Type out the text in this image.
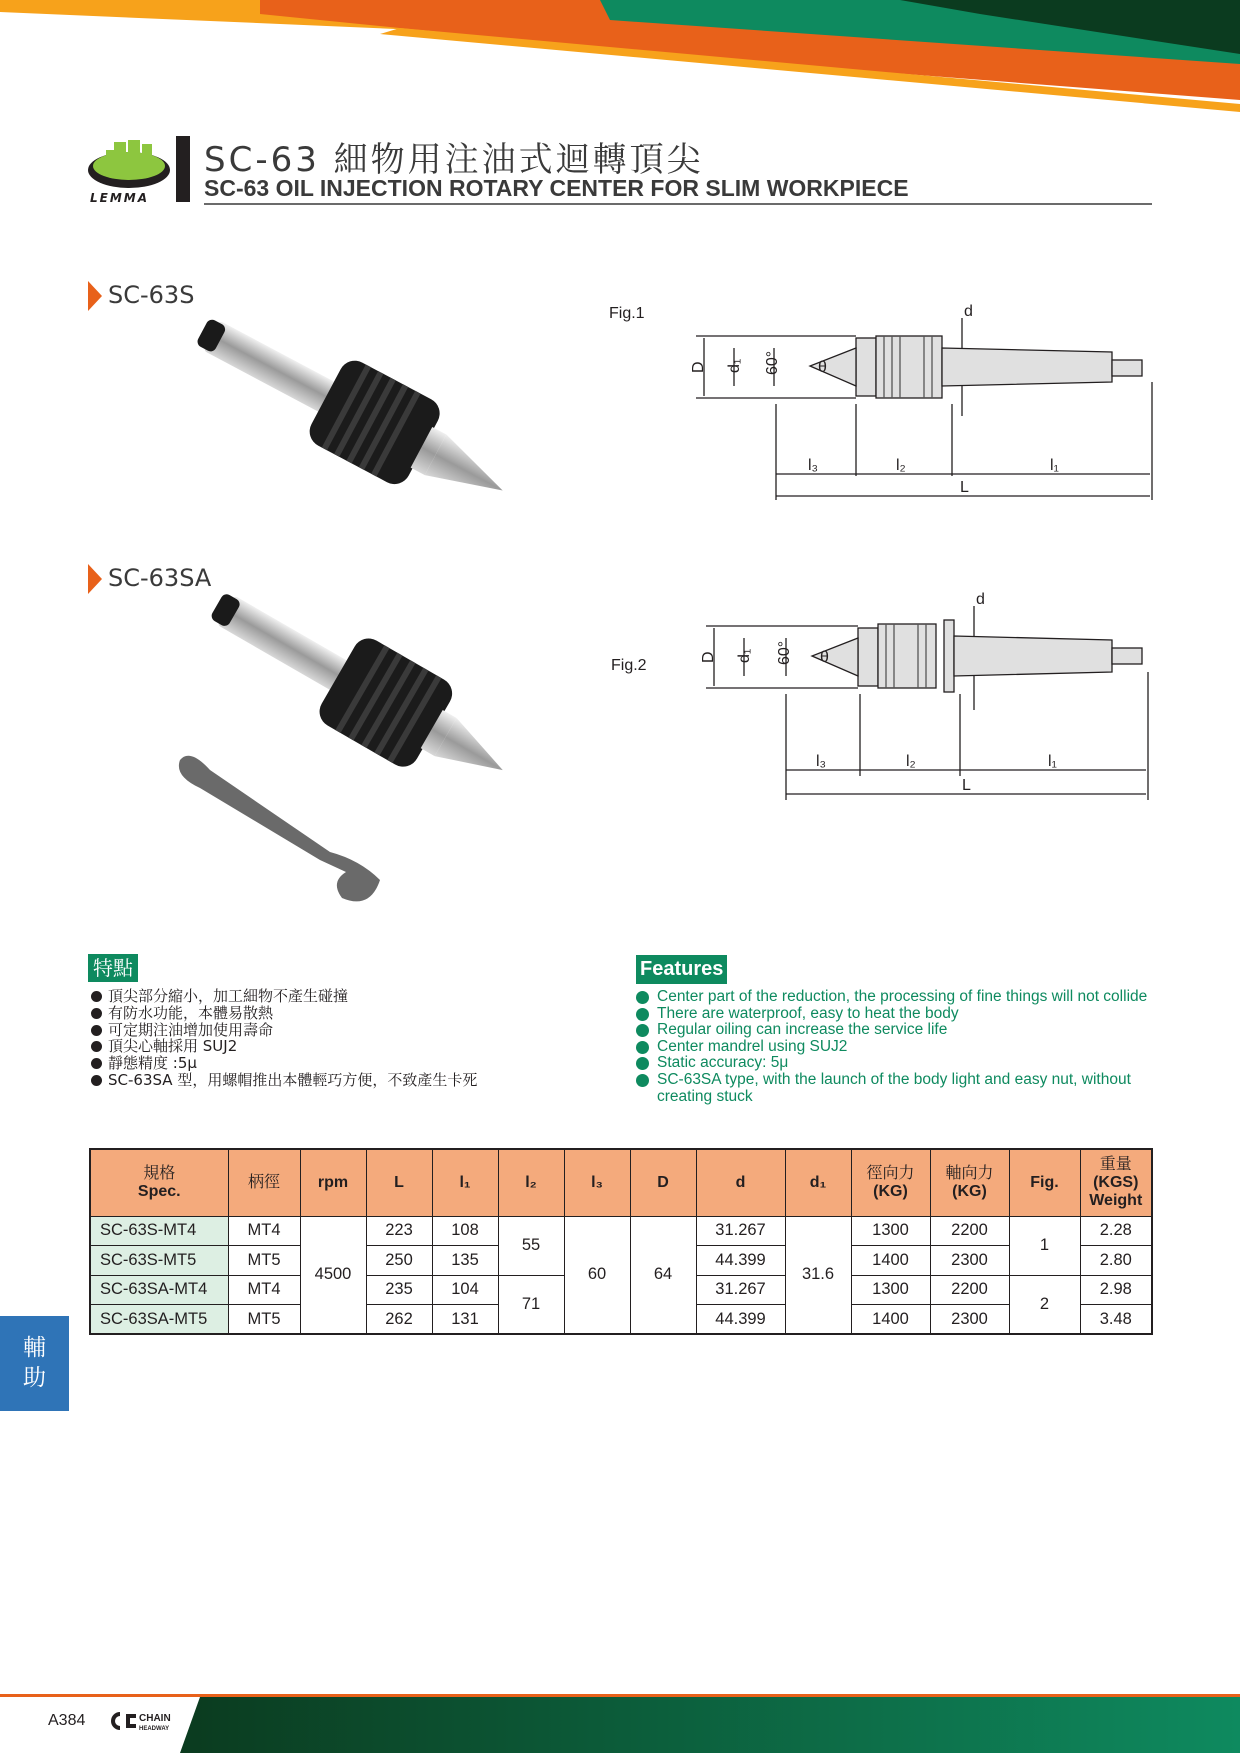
LEMMA
SC-63 細物用注油式迴轉頂尖
SC-63 OIL INJECTION ROTARY CENTER FOR SLIM WORKPIECE
SC-63S
Fig.1
D d₁ 60° θ
d
l₃	l₂	l₁
L
SC-63SA
Fig.2	D d₁ 60° θ
d
l₃	l₂	l₁
L
特點
頂尖部分縮小，加工細物不產生碰撞
有防水功能，本體易散熱
可定期注油增加使用壽命
頂尖心軸採用 SUJ2
靜態精度 :5μ
SC-63SA 型，用螺帽推出本體輕巧方便，不致產生卡死
Features
Center part of the reduction, the processing of fine things will not collide
There are waterproof, easy to heat the body
Regular oiling can increase the service life
Center mandrel using SUJ2
Static accuracy: 5μ
SC-63SA type, with the launch of the body light and easy nut, without creating stuck
規格
Spec.	柄徑	rpm	L	l₁	l₂	l₃	D	d	d₁	徑向力
(KG)	軸向力
(KG)	Fig.	重量
(KGS)
Weight
SC-63S-MT4	MT4	4500	223	108	55	60	64	31.267	31.6	1300	2200	1	2.28
SC-63S-MT5	MT5		250	135				44.399		1400	2300		2.80
SC-63SA-MT4	MT4		235	104	71			31.267		1300	2200	2	2.98
SC-63SA-MT5	MT5		262	131				44.399		1400	2300		3.48
輔
助
A384	CHAIN
HEADWAY
